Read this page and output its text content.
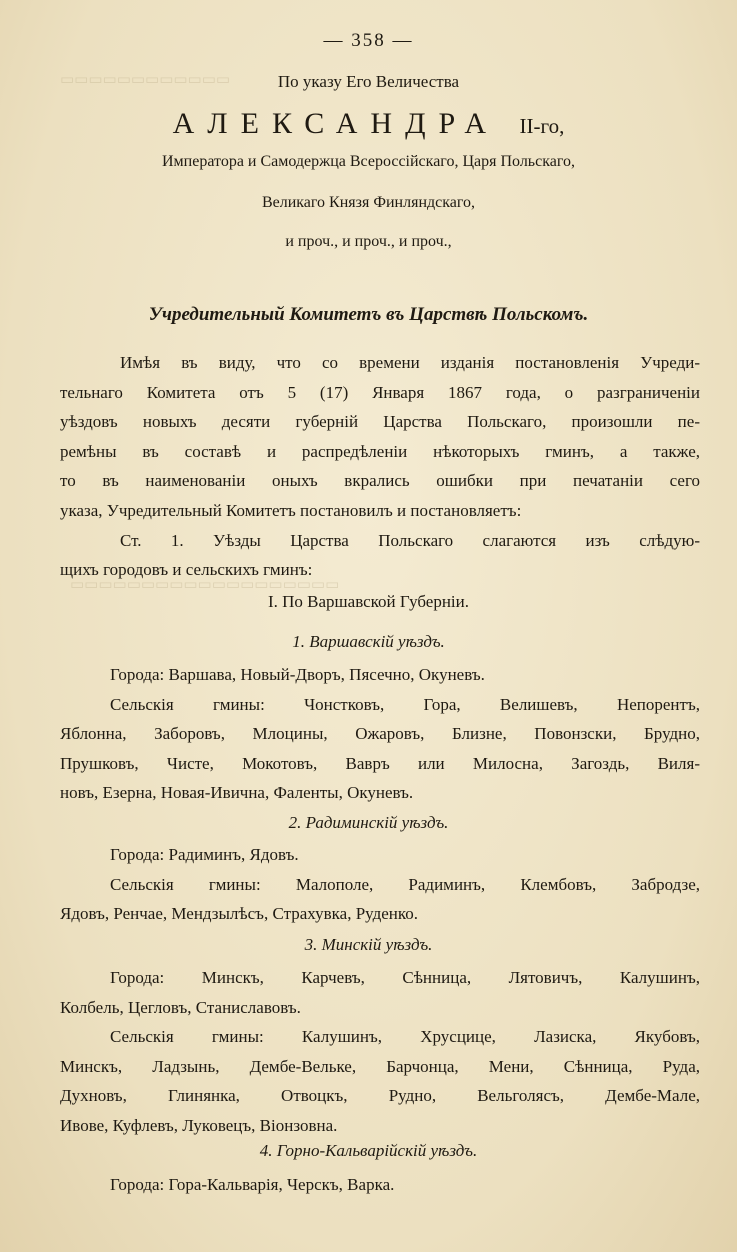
▭▭▭▭▭▭▭▭▭▭▭▭
▭▭▭▭▭▭▭▭▭▭▭▭▭▭▭▭▭▭▭
— 358 —
По указу Его Величества
АЛЕКСАНДРА II-го,
Императора и Самодержца Всероссійскаго, Царя Польскаго,
Великаго Князя Финляндскаго,
и проч., и проч., и проч.,
Учредительный Комитетъ въ Царствѣ Польскомъ.
Имѣя въ виду, что со времени изданія постановленія Учреди-
тельнаго Комитета отъ 5 (17) Января 1867 года, о разграниченіи
уѣздовъ новыхъ десяти губерній Царства Польскаго, произошли пе-
ремѣны въ составѣ и распредѣленіи нѣкоторыхъ гминъ, а также,
то въ наименованіи оныхъ вкрались ошибки при печатаніи сего
указа, Учредительный Комитетъ постановилъ и постановляетъ:
Ст. 1. Уѣзды Царства Польскаго слагаются изъ слѣдую-
щихъ городовъ и сельскихъ гминъ:
I. По Варшавской Губерніи.
1. Варшавскій уѣздъ.
Города: Варшава, Новый-Дворъ, Пясечно, Окуневъ.
Сельскія гмины: Чонстковъ, Гора, Велишевъ, Непорентъ,
Яблонна, Заборовъ, Млоцины, Ожаровъ, Близне, Повонзски, Брудно,
Прушковъ, Чисте, Мокотовъ, Вавръ или Милосна, Загоздь, Виля-
новъ, Езерна, Новая-Ивична, Фаленты, Окуневъ.
2. Радиминскій уѣздъ.
Города: Радиминъ, Ядовъ.
Сельскія гмины: Малополе, Радиминъ, Клембовъ, Забродзе,
Ядовъ, Ренчае, Мендзылѣсъ, Страхувка, Руденко.
3. Минскій уѣздъ.
Города: Минскъ, Карчевъ, Сѣнница, Лятовичъ, Калушинъ,
Колбель, Цегловъ, Станиславовъ.
Сельскія гмины: Калушинъ, Хрусцице, Лазиска, Якубовъ,
Минскъ, Ладзынь, Дембе-Вельке, Барчонца, Мени, Сѣнница, Руда,
Духновъ, Глинянка, Отвоцкъ, Рудно, Вельголясъ, Дембе-Мале,
Ивове, Куфлевъ, Луковецъ, Віонзовна.
4. Горно-Кальварійскій уѣздъ.
Города: Гора-Кальварія, Черскъ, Варка.
